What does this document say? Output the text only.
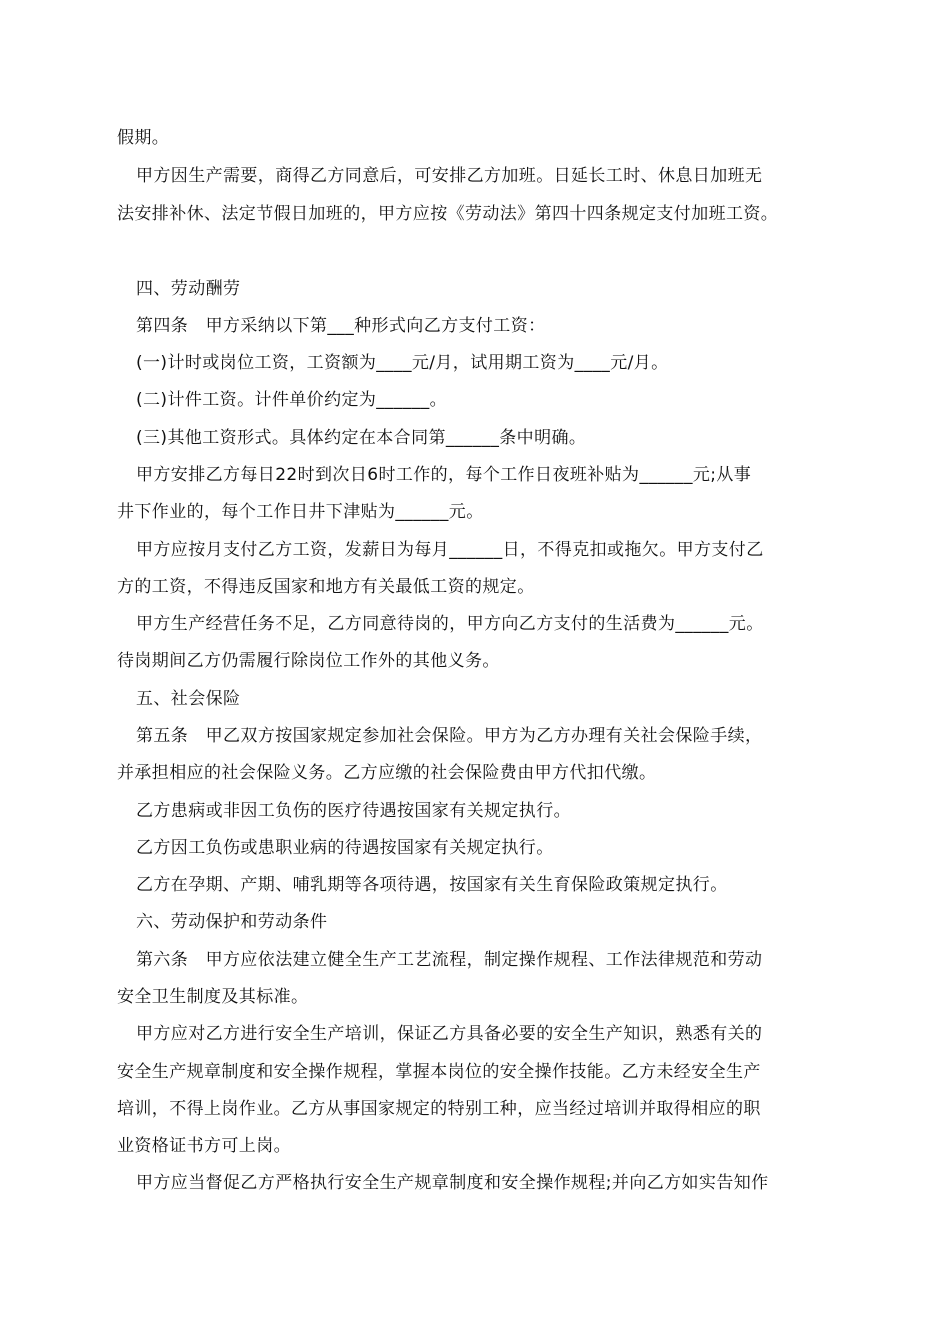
假期。
甲方因生产需要，商得乙方同意后，可安排乙方加班。日延长工时、休息日加班无
法安排补休、法定节假日加班的，甲方应按《劳动法》第四十四条规定支付加班工资。
四、劳动酬劳
第四条　甲方采纳以下第___种形式向乙方支付工资：
(一)计时或岗位工资，工资额为____元/月，试用期工资为____元/月。
(二)计件工资。计件单价约定为______。
(三)其他工资形式。具体约定在本合同第______条中明确。
甲方安排乙方每日22时到次日6时工作的，每个工作日夜班补贴为______元;从事
井下作业的，每个工作日井下津贴为______元。
甲方应按月支付乙方工资，发薪日为每月______日，不得克扣或拖欠。甲方支付乙
方的工资，不得违反国家和地方有关最低工资的规定。
甲方生产经营任务不足，乙方同意待岗的，甲方向乙方支付的生活费为______元。
待岗期间乙方仍需履行除岗位工作外的其他义务。
五、社会保险
第五条　甲乙双方按国家规定参加社会保险。甲方为乙方办理有关社会保险手续，
并承担相应的社会保险义务。乙方应缴的社会保险费由甲方代扣代缴。
乙方患病或非因工负伤的医疗待遇按国家有关规定执行。
乙方因工负伤或患职业病的待遇按国家有关规定执行。
乙方在孕期、产期、哺乳期等各项待遇，按国家有关生育保险政策规定执行。
六、劳动保护和劳动条件
第六条　甲方应依法建立健全生产工艺流程，制定操作规程、工作法律规范和劳动
安全卫生制度及其标准。
甲方应对乙方进行安全生产培训，保证乙方具备必要的安全生产知识，熟悉有关的
安全生产规章制度和安全操作规程，掌握本岗位的安全操作技能。乙方未经安全生产
培训，不得上岗作业。乙方从事国家规定的特别工种，应当经过培训并取得相应的职
业资格证书方可上岗。
甲方应当督促乙方严格执行安全生产规章制度和安全操作规程;并向乙方如实告知作
